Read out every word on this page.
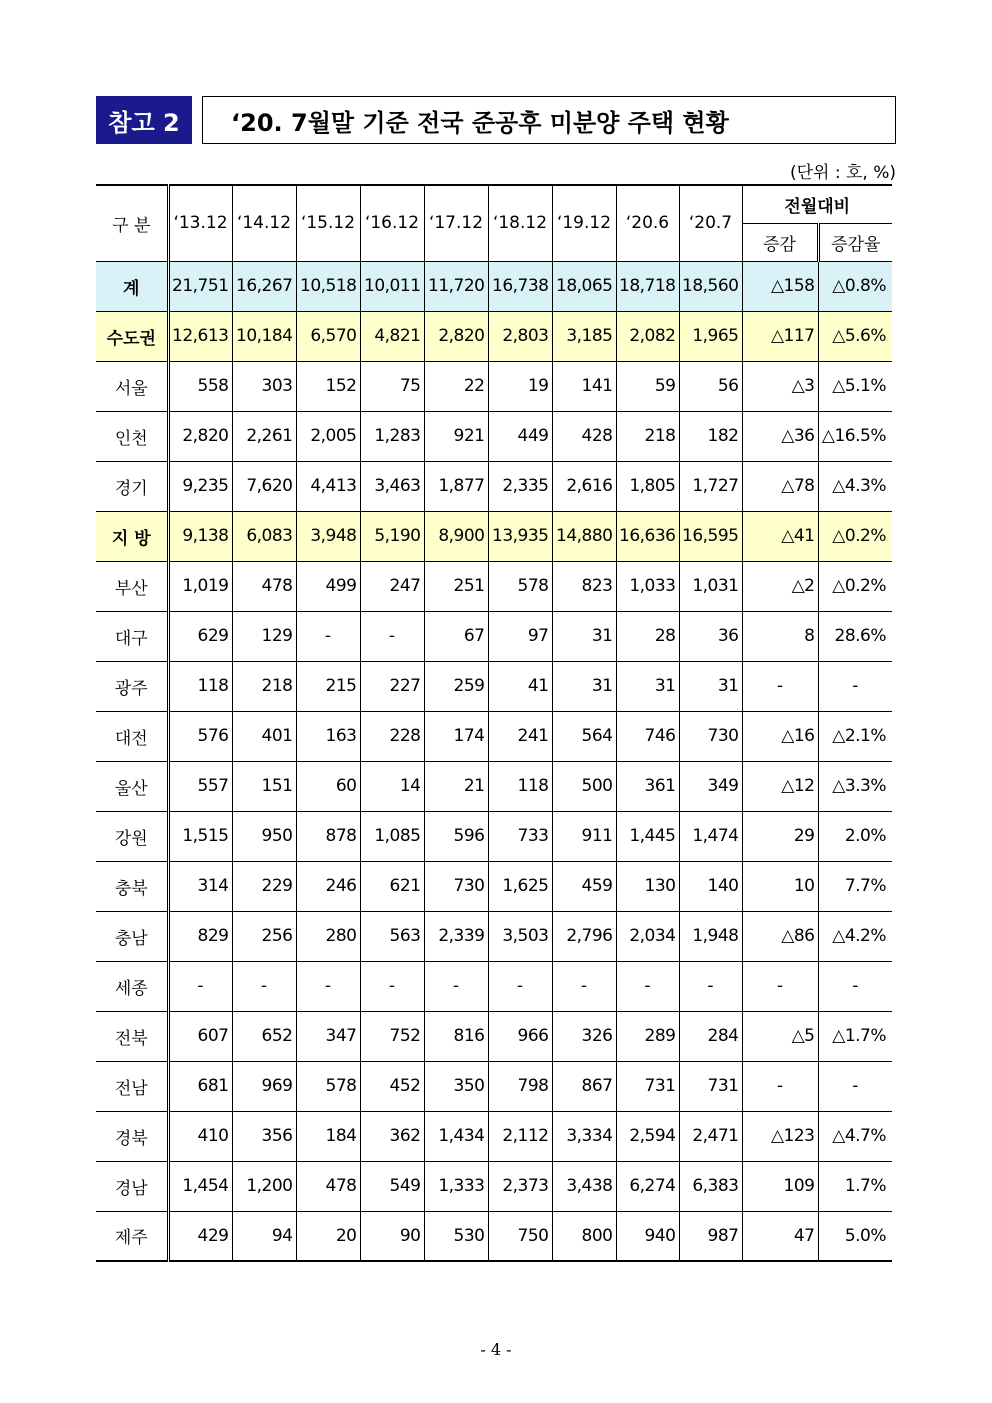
참고 2	‘20. 7월말 기준 전국 준공후 미분양 주택 현황
(단위 : 호, %)
구 분	‘13.12	‘14.12	‘15.12	‘16.12	‘17.12	‘18.12	‘19.12	‘20.6	‘20.7	전월대비	
										증감	증감율
계	21,751	16,267	10,518	10,011	11,720	16,738	18,065	18,718	18,560	△158	△0.8%
수도권	12,613	10,184	6,570	4,821	2,820	2,803	3,185	2,082	1,965	△117	△5.6%
서울	558	303	152	75	22	19	141	59	56	△3	△5.1%
인천	2,820	2,261	2,005	1,283	921	449	428	218	182	△36	△16.5%
경기	9,235	7,620	4,413	3,463	1,877	2,335	2,616	1,805	1,727	△78	△4.3%
지 방	9,138	6,083	3,948	5,190	8,900	13,935	14,880	16,636	16,595	△41	△0.2%
부산	1,019	478	499	247	251	578	823	1,033	1,031	△2	△0.2%
대구	629	129	-	-	67	97	31	28	36	8	28.6%
광주	118	218	215	227	259	41	31	31	31	-	-
대전	576	401	163	228	174	241	564	746	730	△16	△2.1%
울산	557	151	60	14	21	118	500	361	349	△12	△3.3%
강원	1,515	950	878	1,085	596	733	911	1,445	1,474	29	2.0%
충북	314	229	246	621	730	1,625	459	130	140	10	7.7%
충남	829	256	280	563	2,339	3,503	2,796	2,034	1,948	△86	△4.2%
세종	-	-	-	-	-	-	-	-	-	-	-
전북	607	652	347	752	816	966	326	289	284	△5	△1.7%
전남	681	969	578	452	350	798	867	731	731	-	-
경북	410	356	184	362	1,434	2,112	3,334	2,594	2,471	△123	△4.7%
경남	1,454	1,200	478	549	1,333	2,373	3,438	6,274	6,383	109	1.7%
제주	429	94	20	90	530	750	800	940	987	47	5.0%
- 4 -
